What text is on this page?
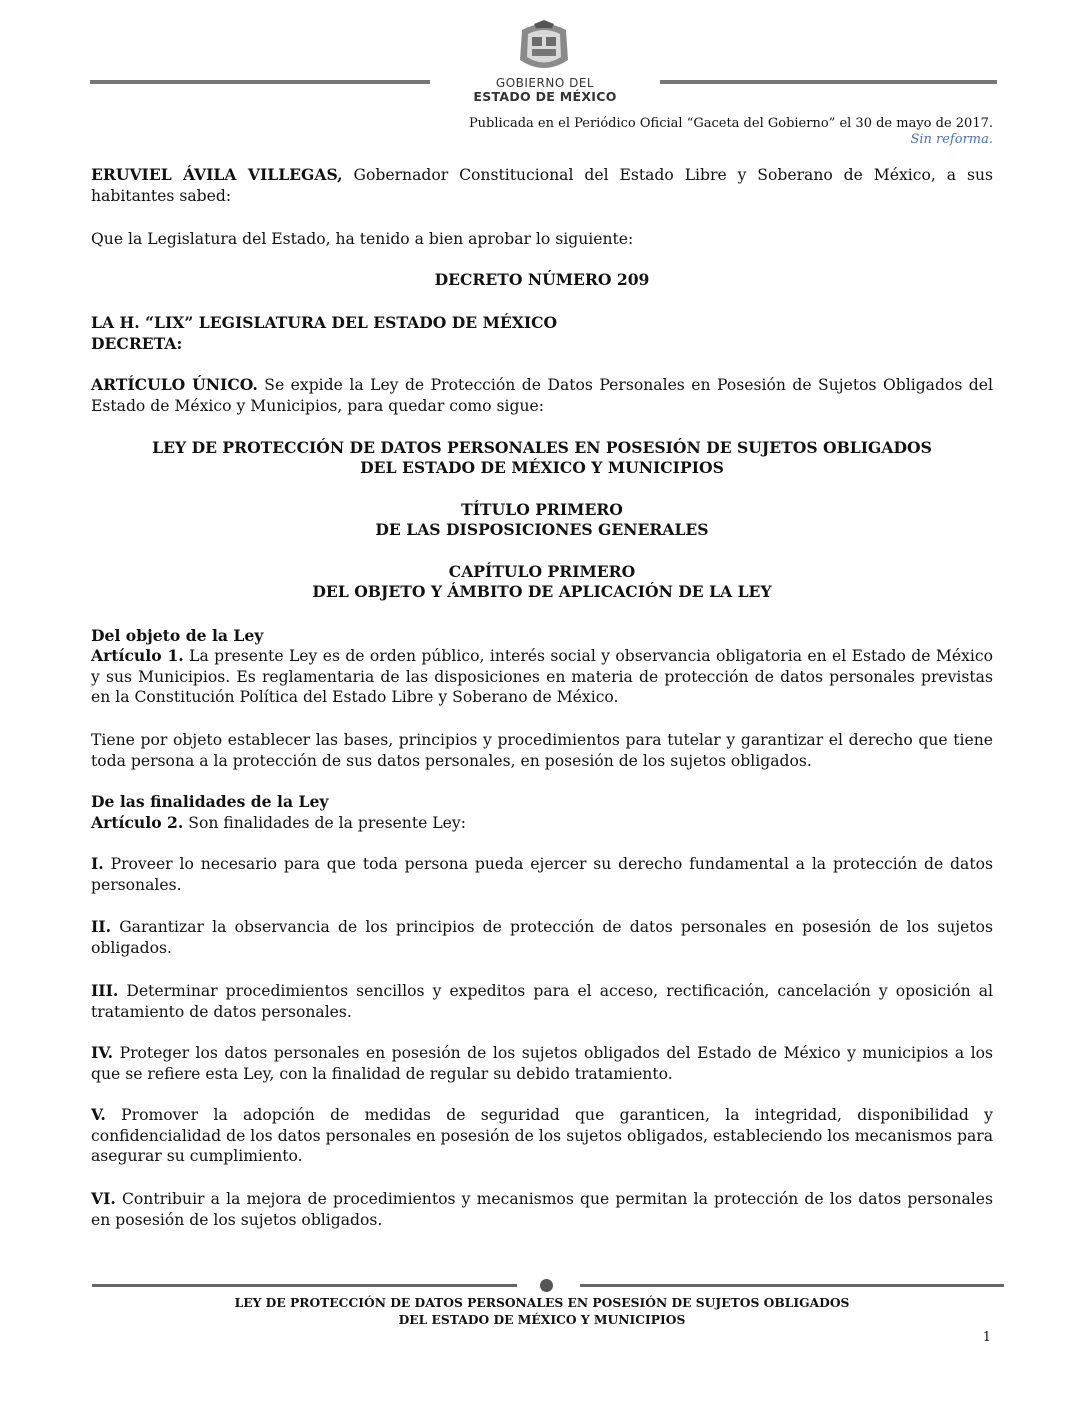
GOBIERNO DEL
ESTADO DE MÉXICO
Publicada en el Periódico Oficial “Gaceta del Gobierno” el 30 de mayo de 2017.
Sin reforma.
ERUVIEL ÁVILA VILLEGAS, Gobernador Constitucional del Estado Libre y Soberano de México, a sus habitantes sabed:
Que la Legislatura del Estado, ha tenido a bien aprobar lo siguiente:
DECRETO NÚMERO 209
LA H. “LIX” LEGISLATURA DEL ESTADO DE MÉXICO
DECRETA:
ARTÍCULO ÚNICO. Se expide la Ley de Protección de Datos Personales en Posesión de Sujetos Obligados del Estado de México y Municipios, para quedar como sigue:
LEY DE PROTECCIÓN DE DATOS PERSONALES EN POSESIÓN DE SUJETOS OBLIGADOS
DEL ESTADO DE MÉXICO Y MUNICIPIOS
TÍTULO PRIMERO
DE LAS DISPOSICIONES GENERALES
CAPÍTULO PRIMERO
DEL OBJETO Y ÁMBITO DE APLICACIÓN DE LA LEY
Del objeto de la Ley
Artículo 1. La presente Ley es de orden público, interés social y observancia obligatoria en el Estado de México y sus Municipios. Es reglamentaria de las disposiciones en materia de protección de datos personales previstas en la Constitución Política del Estado Libre y Soberano de México.
Tiene por objeto establecer las bases, principios y procedimientos para tutelar y garantizar el derecho que tiene toda persona a la protección de sus datos personales, en posesión de los sujetos obligados.
De las finalidades de la Ley
Artículo 2. Son finalidades de la presente Ley:
I. Proveer lo necesario para que toda persona pueda ejercer su derecho fundamental a la protección de datos personales.
II. Garantizar la observancia de los principios de protección de datos personales en posesión de los sujetos obligados.
III. Determinar procedimientos sencillos y expeditos para el acceso, rectificación, cancelación y oposición al tratamiento de datos personales.
IV. Proteger los datos personales en posesión de los sujetos obligados del Estado de México y municipios a los que se refiere esta Ley, con la finalidad de regular su debido tratamiento.
V. Promover la adopción de medidas de seguridad que garanticen, la integridad, disponibilidad y confidencialidad de los datos personales en posesión de los sujetos obligados, estableciendo los mecanismos para asegurar su cumplimiento.
VI. Contribuir a la mejora de procedimientos y mecanismos que permitan la protección de los datos personales en posesión de los sujetos obligados.
LEY DE PROTECCIÓN DE DATOS PERSONALES EN POSESIÓN DE SUJETOS OBLIGADOS
DEL ESTADO DE MÉXICO Y MUNICIPIOS
1
